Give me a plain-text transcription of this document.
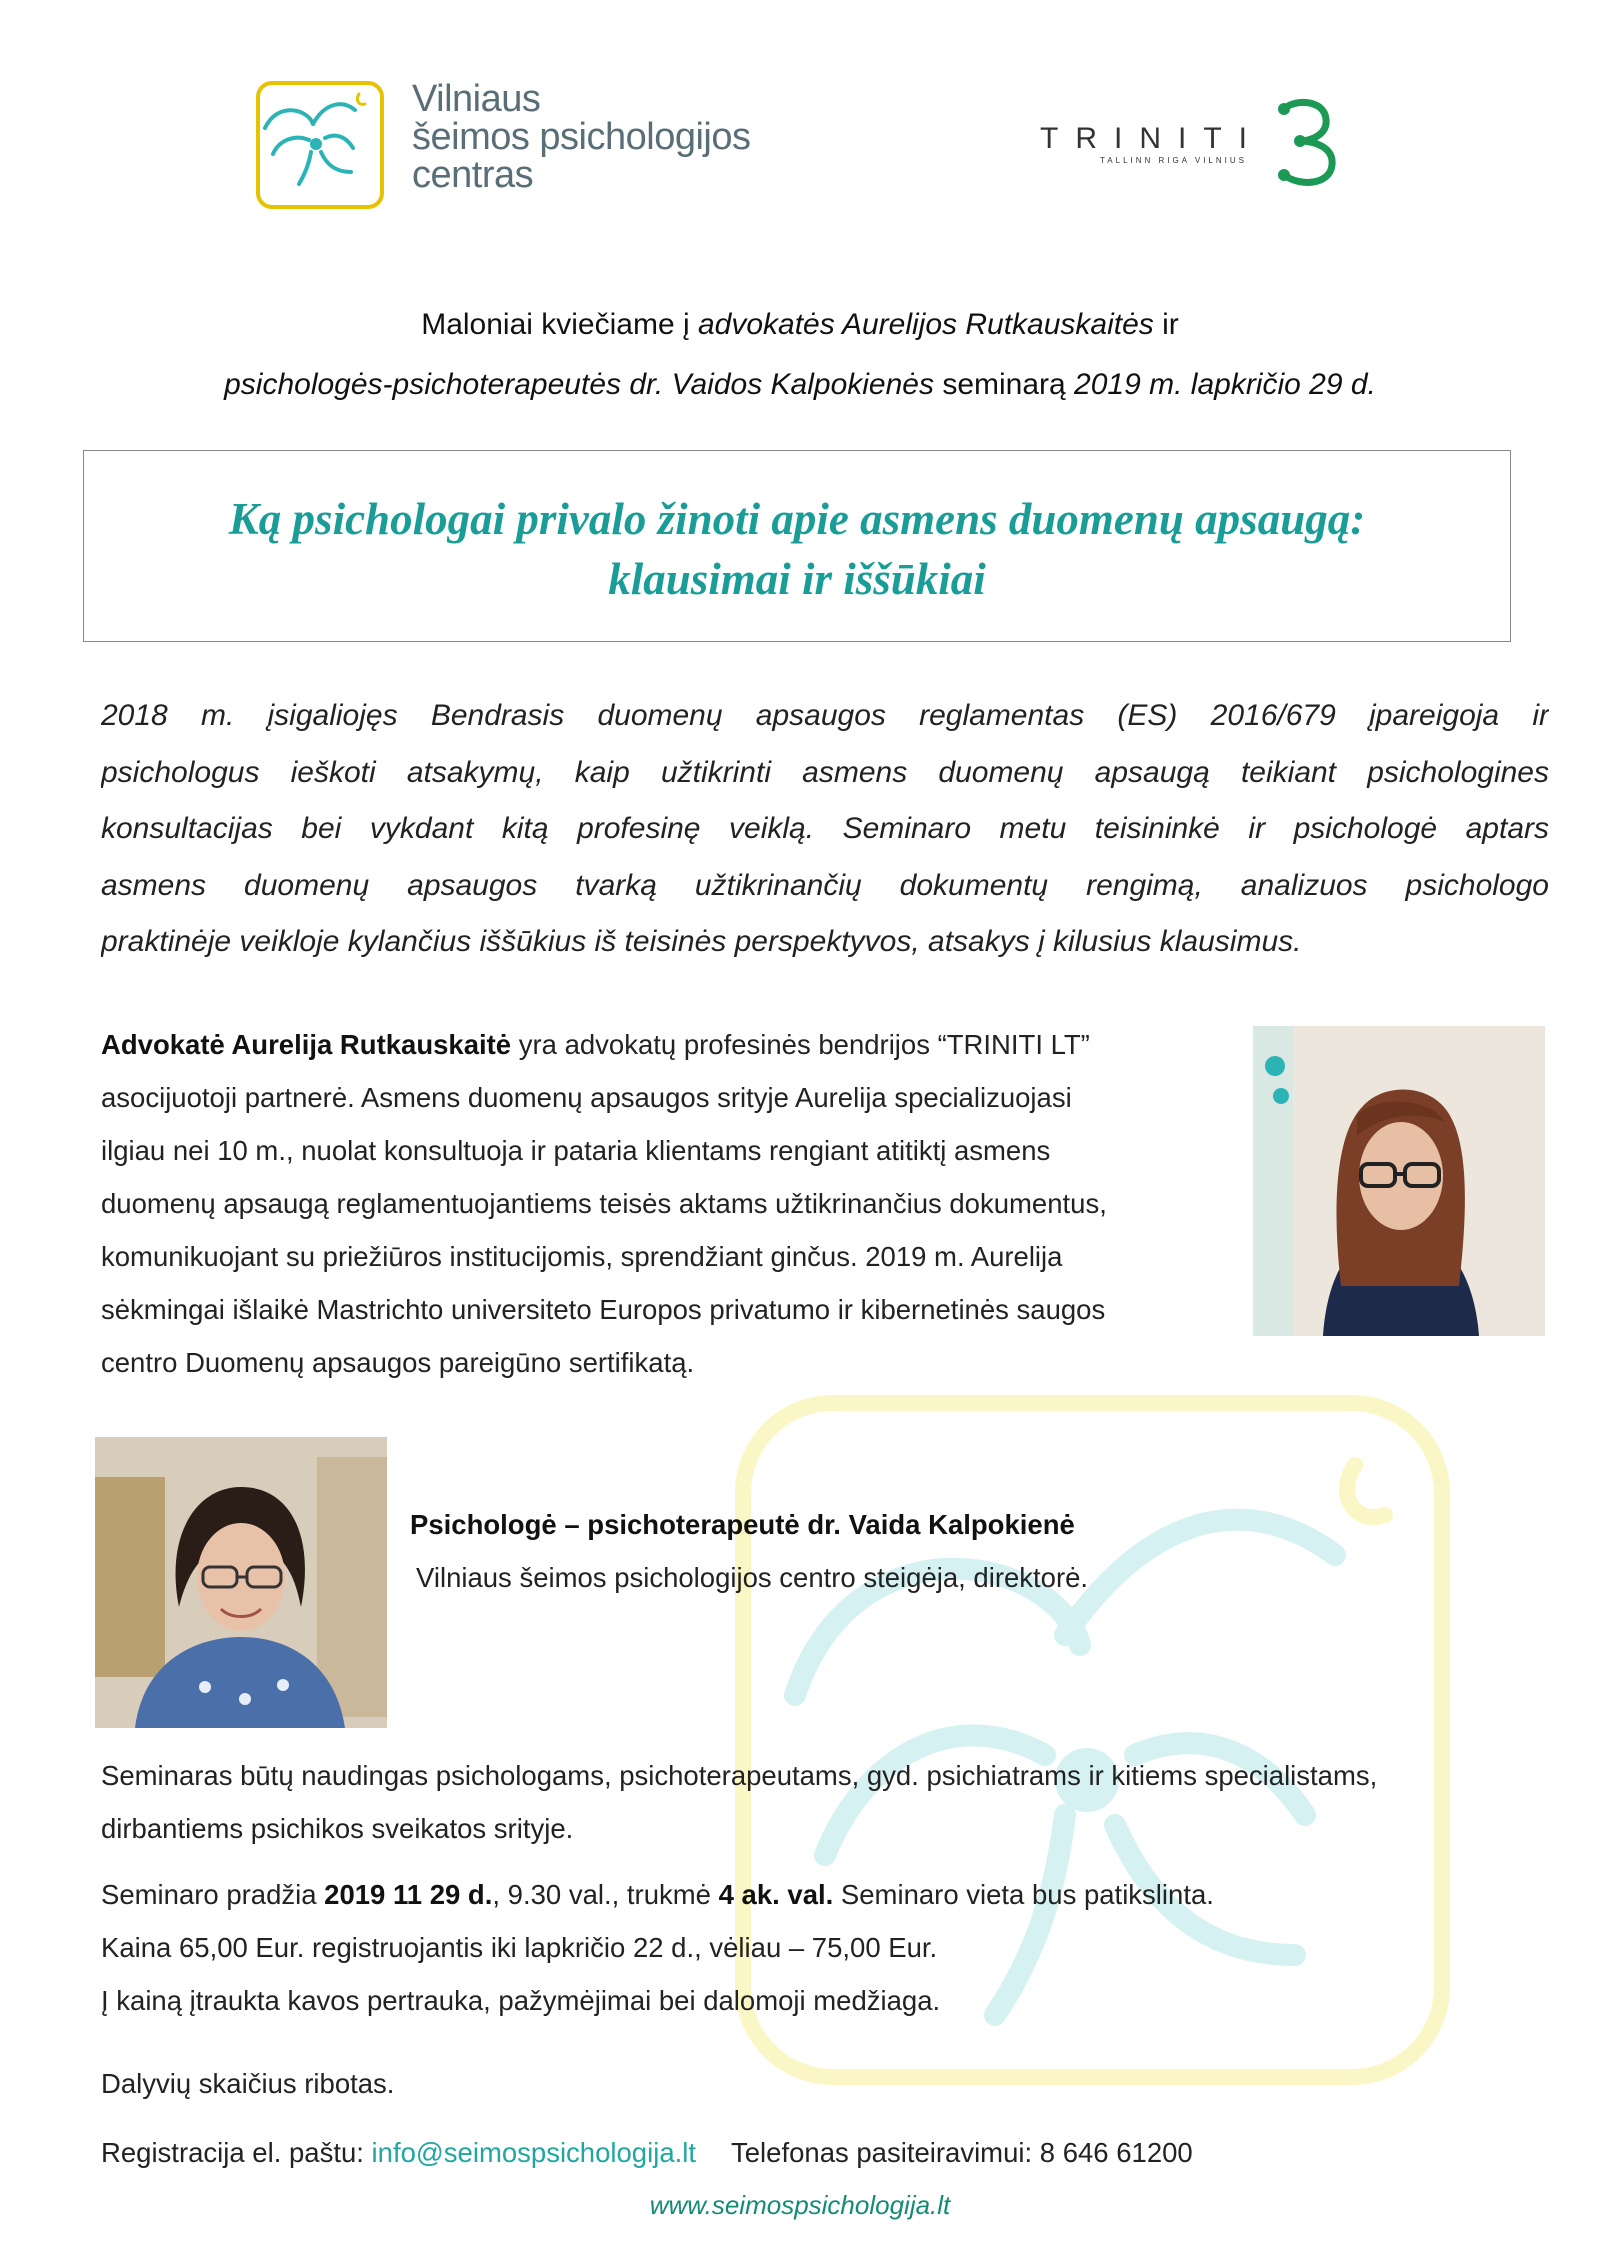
Vilniaus
šeimos psichologijos
centras
TRINITI
TALLINN RIGA VILNIUS
Maloniai kviečiame į advokatės Aurelijos Rutkauskaitės ir
psichologės-psichoterapeutės dr. Vaidos Kalpokienės seminarą 2019 m. lapkričio 29 d.
Ką psichologai privalo žinoti apie asmens duomenų apsaugą:
klausimai ir iššūkiai
2018 m. įsigaliojęs Bendrasis duomenų apsaugos reglamentas (ES) 2016/679 įpareigoja ir
psichologus ieškoti atsakymų, kaip užtikrinti asmens duomenų apsaugą teikiant psichologines
konsultacijas bei vykdant kitą profesinę veiklą. Seminaro metu teisininkė ir psichologė aptars
asmens duomenų apsaugos tvarką užtikrinančių dokumentų rengimą, analizuos psichologo
praktinėje veikloje kylančius iššūkius iš teisinės perspektyvos, atsakys į kilusius klausimus.
Advokatė Aurelija Rutkauskaitė yra advokatų profesinės bendrijos “TRINITI LT”
asocijuotoji partnerė. Asmens duomenų apsaugos srityje Aurelija specializuojasi
ilgiau nei 10 m., nuolat konsultuoja ir pataria klientams rengiant atitiktį asmens
duomenų apsaugą reglamentuojantiems teisės aktams užtikrinančius dokumentus,
komunikuojant su priežiūros institucijomis, sprendžiant ginčus. 2019 m. Aurelija
sėkmingai išlaikė Mastrichto universiteto Europos privatumo ir kibernetinės saugos
centro Duomenų apsaugos pareigūno sertifikatą.
Psichologė – psichoterapeutė dr. Vaida Kalpokienė
Vilniaus šeimos psichologijos centro steigėja, direktorė.
Seminaras būtų naudingas psichologams, psichoterapeutams, gyd. psichiatrams ir kitiems specialistams,
dirbantiems psichikos sveikatos srityje.
Seminaro pradžia 2019 11 29 d., 9.30 val., trukmė 4 ak. val. Seminaro vieta bus patikslinta.
Kaina 65,00 Eur. registruojantis iki lapkričio 22 d., vėliau – 75,00 Eur.
Į kainą įtraukta kavos pertrauka, pažymėjimai bei dalomoji medžiaga.
Dalyvių skaičius ribotas.
Registracija el. paštu: info@seimospsichologija.lt Telefonas pasiteiravimui: 8 646 61200
www.seimospsichologija.lt
